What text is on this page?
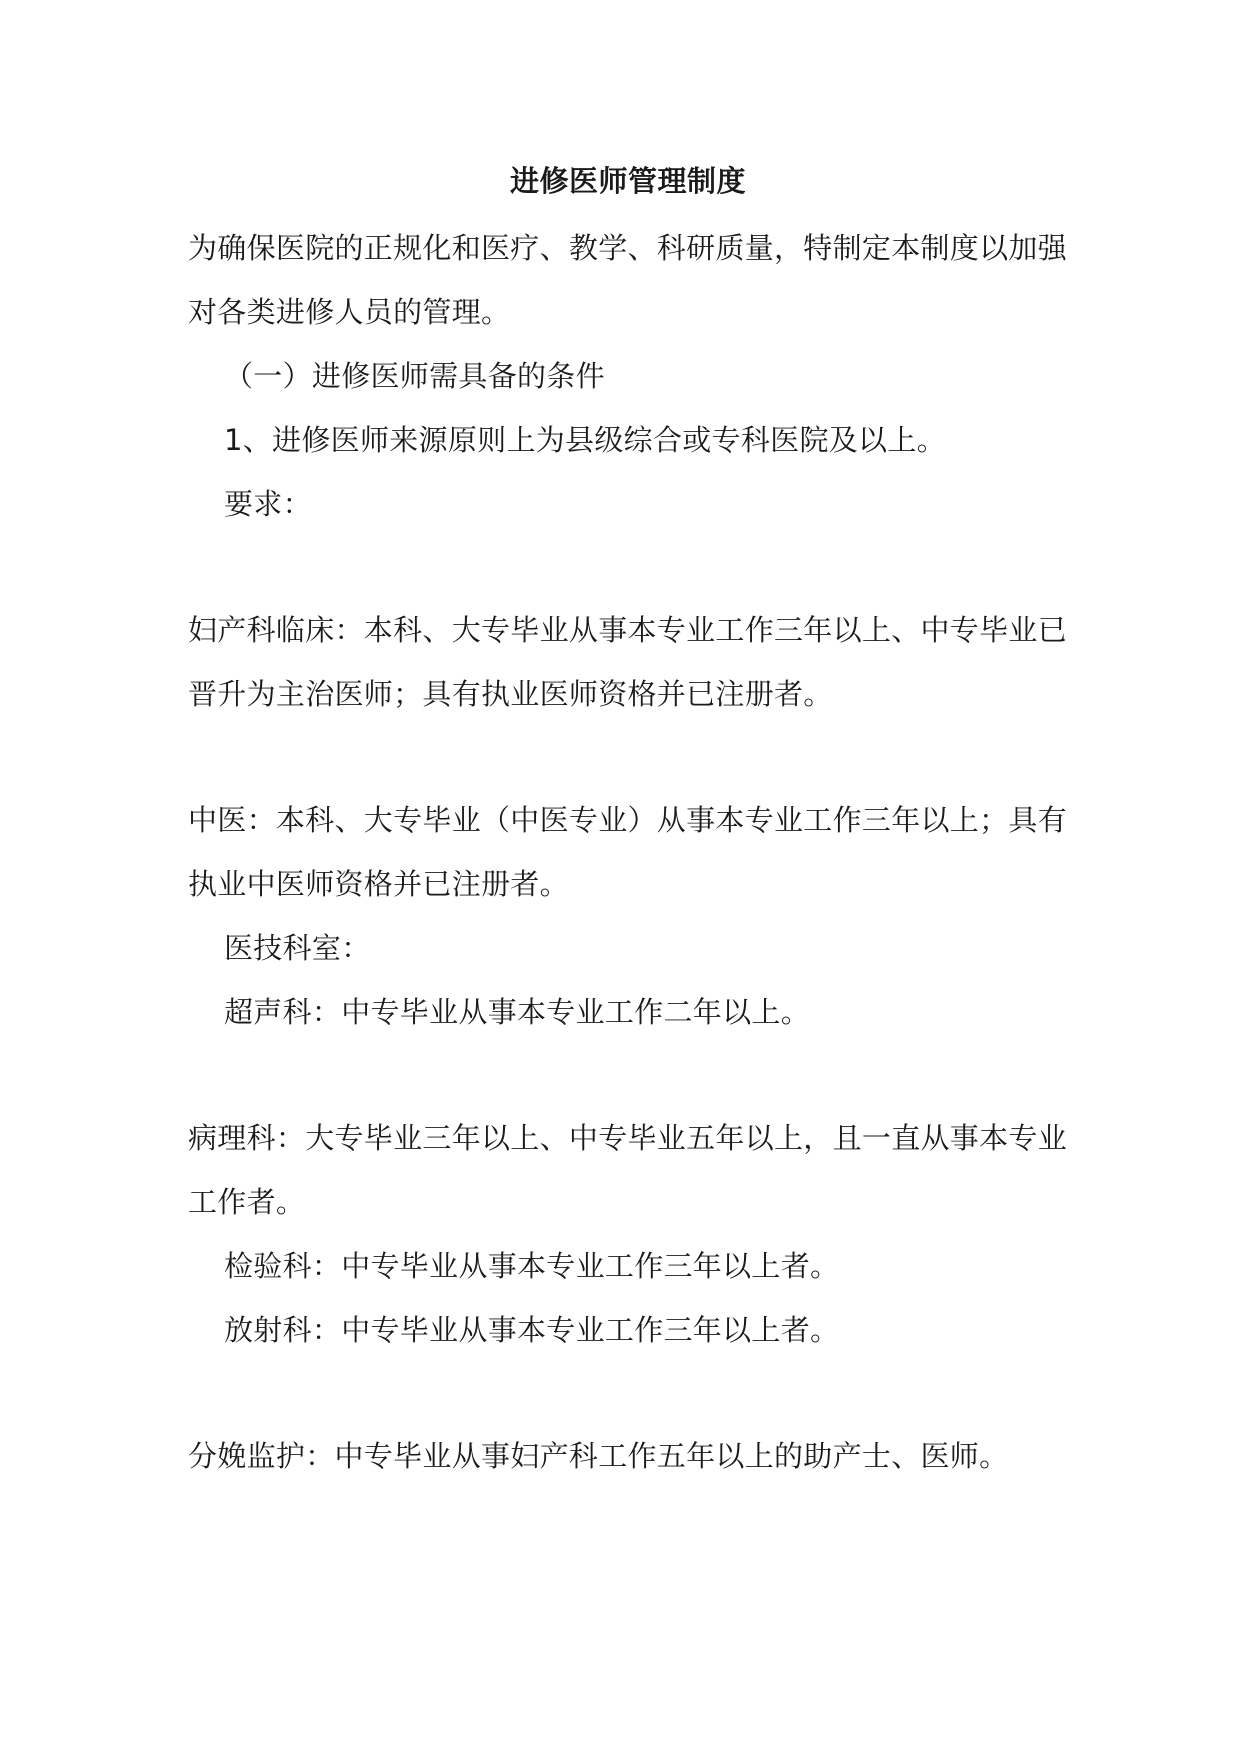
进修医师管理制度

为确保医院的正规化和医疗、教学、科研质量，特制定本制度以加强对各类进修人员的管理。

（一）进修医师需具备的条件

1、进修医师来源原则上为县级综合或专科医院及以上。

要求：

妇产科临床：本科、大专毕业从事本专业工作三年以上、中专毕业已晋升为主治医师；具有执业医师资格并已注册者。

中医：本科、大专毕业（中医专业）从事本专业工作三年以上；具有执业中医师资格并已注册者。

医技科室：

超声科：中专毕业从事本专业工作二年以上。

病理科：大专毕业三年以上、中专毕业五年以上，且一直从事本专业工作者。

检验科：中专毕业从事本专业工作三年以上者。

放射科：中专毕业从事本专业工作三年以上者。

分娩监护：中专毕业从事妇产科工作五年以上的助产士、医师。
